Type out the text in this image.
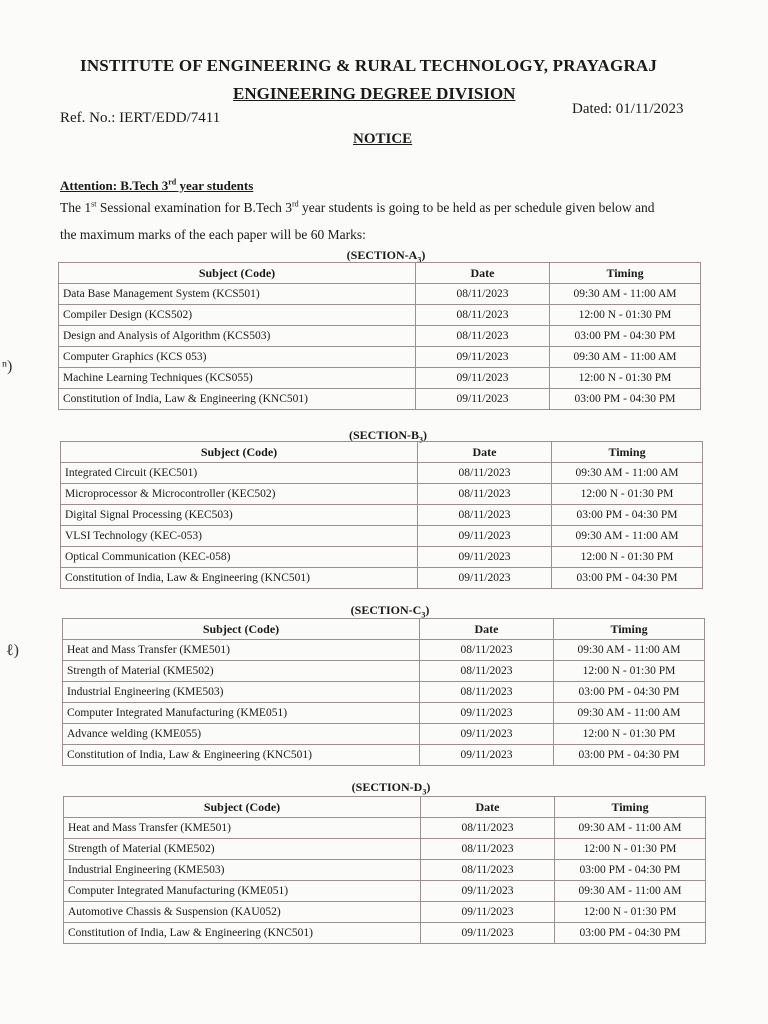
INSTITUTE OF ENGINEERING & RURAL TECHNOLOGY, PRAYAGRAJ
ENGINEERING DEGREE DIVISION
Ref. No.: IERT/EDD/7411
Dated: 01/11/2023
NOTICE
Attention: B.Tech 3rd year students
The 1st Sessional examination for B.Tech 3rd year students is going to be held as per schedule given below and
the maximum marks of the each paper will be 60 Marks:
ⁿ)
ℓ)
$(SECTION-A_3)$
Subject (Code)	Date	Timing
Data Base Management System (KCS501)	08/11/2023	09:30 AM - 11:00 AM
Compiler Design (KCS502)	08/11/2023	12:00 N - 01:30 PM
Design and Analysis of Algorithm (KCS503)	08/11/2023	03:00 PM - 04:30 PM
Computer Graphics (KCS 053)	09/11/2023	09:30 AM - 11:00 AM
Machine Learning Techniques (KCS055)	09/11/2023	12:00 N - 01:30 PM
Constitution of India, Law & Engineering (KNC501)	09/11/2023	03:00 PM - 04:30 PM
$(SECTION-B_3)$
Subject (Code)	Date	Timing
Integrated Circuit (KEC501)	08/11/2023	09:30 AM - 11:00 AM
Microprocessor & Microcontroller (KEC502)	08/11/2023	12:00 N - 01:30 PM
Digital Signal Processing (KEC503)	08/11/2023	03:00 PM - 04:30 PM
VLSI Technology (KEC-053)	09/11/2023	09:30 AM - 11:00 AM
Optical Communication (KEC-058)	09/11/2023	12:00 N - 01:30 PM
Constitution of India, Law & Engineering (KNC501)	09/11/2023	03:00 PM - 04:30 PM
$(SECTION-C_3)$
Subject (Code)	Date	Timing
Heat and Mass Transfer (KME501)	08/11/2023	09:30 AM - 11:00 AM
Strength of Material (KME502)	08/11/2023	12:00 N - 01:30 PM
Industrial Engineering (KME503)	08/11/2023	03:00 PM - 04:30 PM
Computer Integrated Manufacturing (KME051)	09/11/2023	09:30 AM - 11:00 AM
Advance welding (KME055)	09/11/2023	12:00 N - 01:30 PM
Constitution of India, Law & Engineering (KNC501)	09/11/2023	03:00 PM - 04:30 PM
$(SECTION-D_3)$
Subject (Code)	Date	Timing
Heat and Mass Transfer (KME501)	08/11/2023	09:30 AM - 11:00 AM
Strength of Material (KME502)	08/11/2023	12:00 N - 01:30 PM
Industrial Engineering (KME503)	08/11/2023	03:00 PM - 04:30 PM
Computer Integrated Manufacturing (KME051)	09/11/2023	09:30 AM - 11:00 AM
Automotive Chassis & Suspension (KAU052)	09/11/2023	12:00 N - 01:30 PM
Constitution of India, Law & Engineering (KNC501)	09/11/2023	03:00 PM - 04:30 PM
